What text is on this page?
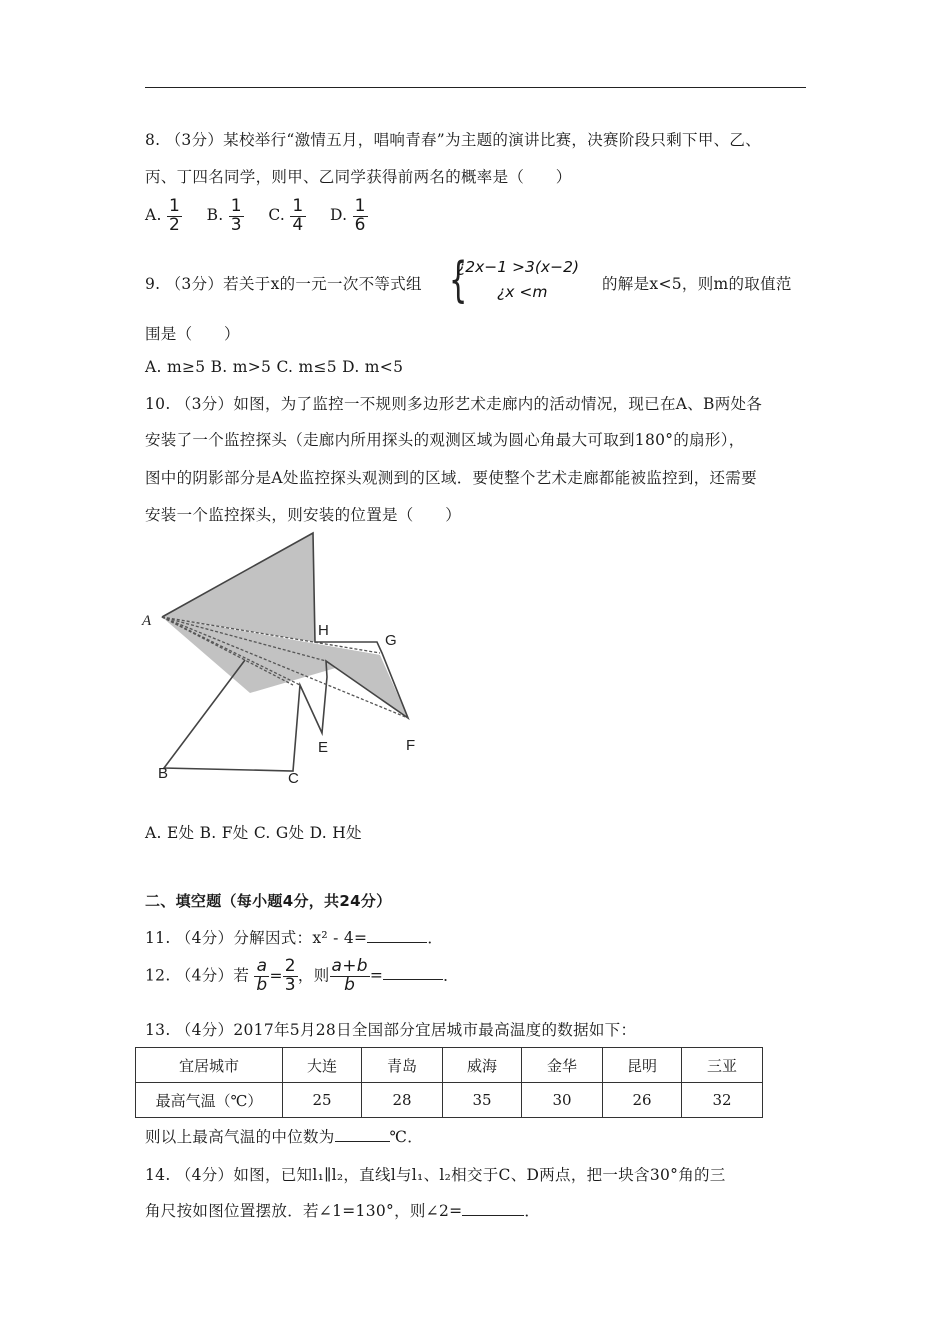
8. （3分）某校举行“激情五月，唱响青春”为主题的演讲比赛，决赛阶段只剩下甲、乙、
丙、丁四名同学，则甲、乙同学获得前两名的概率是（　　）
A. $\frac{1}{2} B$. $\frac{1}{3} C$. $\frac{1}{4} D$. $\frac{1}{6}$
9. （3分）若关于x的一元一次不等式组 {
¿2x−1 >3(x−2)
¿x <m	的解是x<5，则m的取值范
围是（　　）
A. m≥5 B. m>5 C. m≤5 D. m<5
10. （3分）如图，为了监控一不规则多边形艺术走廊内的活动情况，现已在A、B两处各
安装了一个监控探头（走廊内所用探头的观测区域为圆心角最大可取到180°的扇形），
图中的阴影部分是A处监控探头观测到的区域．要使整个艺术走廊都能被监控到，还需要
安装一个监控探头，则安装的位置是（　　）
A
H
G
E	F
B	C
A. E处 B. F处 C. G处 D. H处
二、填空题（每小题4分，共24分）
11. （4分）分解因式：x² - 4=	．
12. （4分）若 $\frac{a}{b} = \frac{2}{3}$ ，则 $\frac{a+b}{b}$ =	．
13. （4分）2017年5月28日全国部分宜居城市最高温度的数据如下：
宜居城市	大连	青岛	威海	金华	昆明	三亚
最高气温（℃）	25	28	35	30	26	32
则以上最高气温的中位数为	℃．
14. （4分）如图，已知l₁∥l₂，直线l与l₁、l₂相交于C、D两点，把一块含30°角的三
角尺按如图位置摆放．若∠1=130°，则∠2=	．
